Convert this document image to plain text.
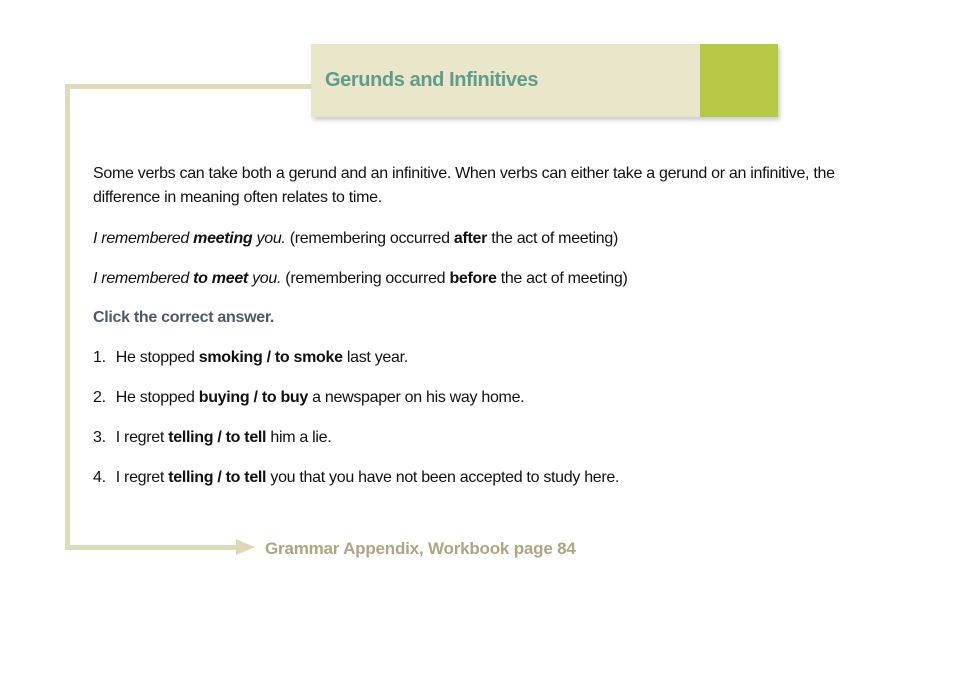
Gerunds and Infinitives
Some verbs can take both a gerund and an infinitive. When verbs can either take a gerund or an infinitive, the difference in meaning often relates to time.
I remembered meeting you. (remembering occurred after the act of meeting)
I remembered to meet you. (remembering occurred before the act of meeting)
Click the correct answer.
1. He stopped smoking / to smoke last year.
2. He stopped buying / to buy a newspaper on his way home.
3. I regret telling / to tell him a lie.
4. I regret telling / to tell you that you have not been accepted to study here.
Grammar Appendix, Workbook page 84
